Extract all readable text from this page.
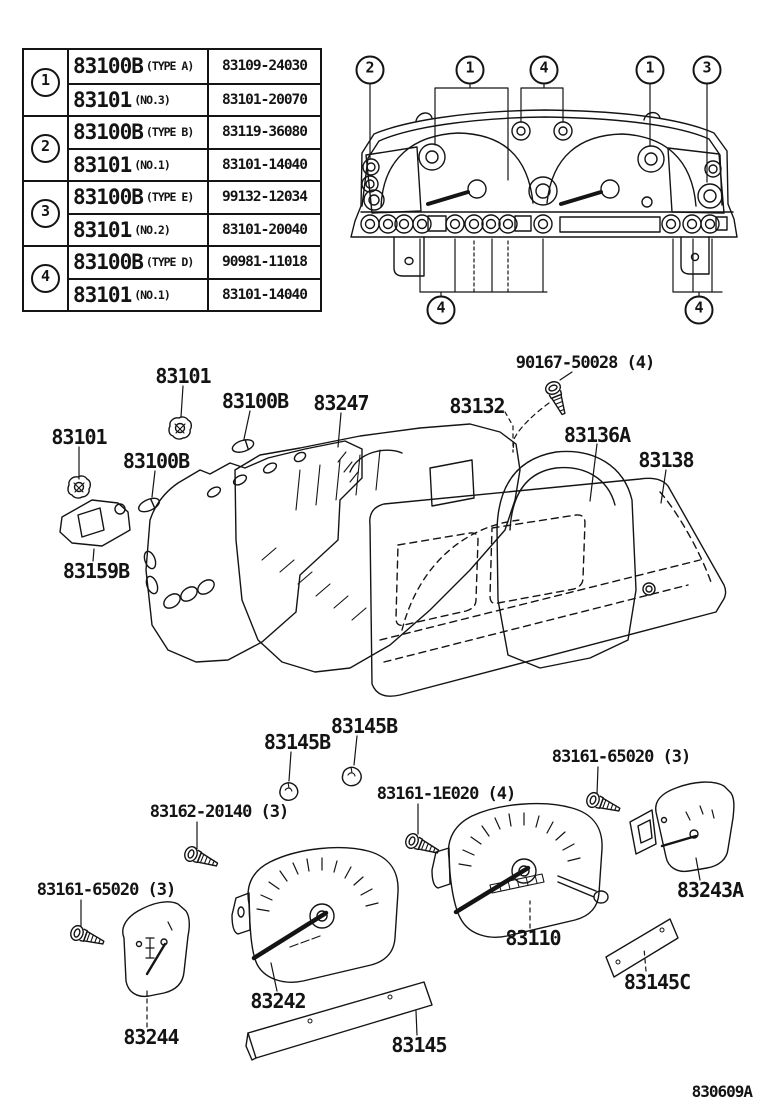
1
83100B (TYPE A) 83109-24030
83101 (NO.3)	83101-20070
2
83100B (TYPE B) 83119-36080
83101 (NO.1)	83101-14040
3
83100B (TYPE E) 99132-12034
83101 (NO.2)	83101-20040
4
83100B (TYPE D) 90981-11018
83101 (NO.1)	83101-14040
2	1	4	1	3
4	4
83101
83100B 83247
83101
83100B
83159B
90167-50028 (4)
83132
83136A
83138
83145B
83145B
83162-20140 (3)
83161-1E020 (4)
83161-65020 (3)
83243A
83161-65020 (3)
83244
83242
83145
83110
83145C
830609A
